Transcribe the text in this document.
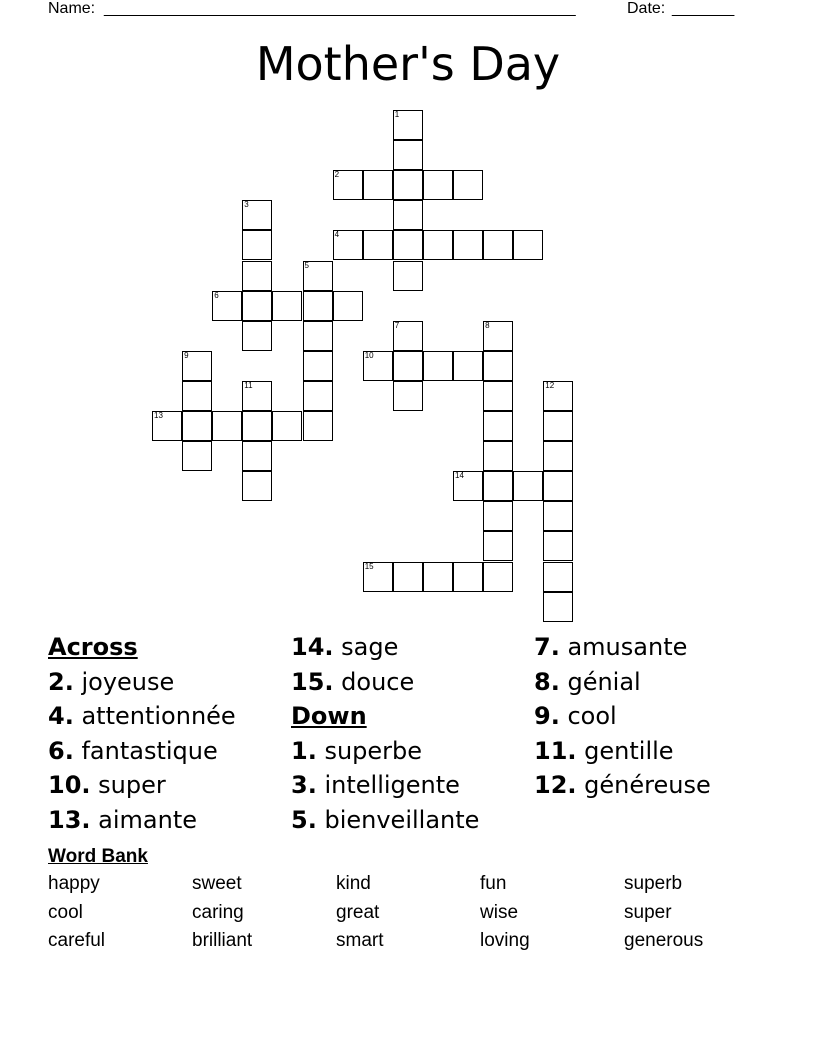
Name: _____________________________________________________	Date: _______
Mother's Day
1
2
3
4
5
6
7	8
9	10
11	12
13
14
15
Across
2. joyeuse
4. attentionnée
6. fantastique
10. super
13. aimante
14. sage
15. douce
Down
1. superbe
3. intelligente
5. bienveillante
7. amusante
8. génial
9. cool
11. gentille
12. généreuse
Word Bank
happy	sweet	kind	fun	superb
cool	caring	great	wise	super
careful	brilliant	smart	loving	generous
